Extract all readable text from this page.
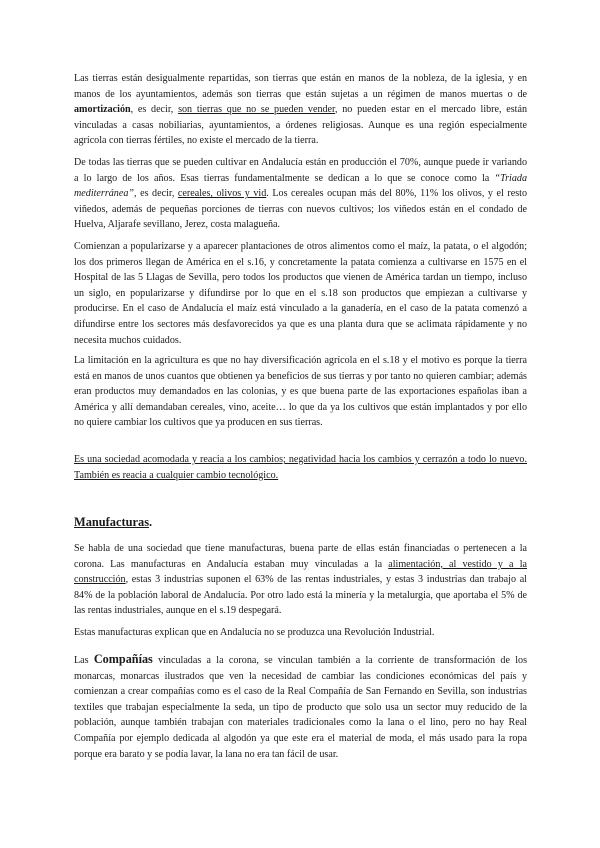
Las tierras están desigualmente repartidas, son tierras que están en manos de la nobleza, de la iglesia, y en manos de los ayuntamientos, además son tierras que están sujetas a un régimen de manos muertas o de amortización, es decir, son tierras que no se pueden vender, no pueden estar en el mercado libre, están vinculadas a casas nobiliarias, ayuntamientos, a órdenes religiosas. Aunque es una región especialmente agrícola con tierras fértiles, no existe el mercado de la tierra.

De todas las tierras que se pueden cultivar en Andalucía están en producción el 70%, aunque puede ir variando a lo largo de los años. Esas tierras fundamentalmente se dedican a lo que se conoce como la “Triada mediterránea”, es decir, cereales, olivos y vid. Los cereales ocupan más del 80%, 11% los olivos, y el resto viñedos, además de pequeñas porciones de tierras con nuevos cultivos; los viñedos están en el condado de Huelva, Aljarafe sevillano, Jerez, costa malagueña.

Comienzan a popularizarse y a aparecer plantaciones de otros alimentos como el maíz, la patata, o el algodón; los dos primeros llegan de América en el s.16, y concretamente la patata comienza a cultivarse en 1575 en el Hospital de las 5 Llagas de Sevilla, pero todos los productos que vienen de América tardan un tiempo, incluso un siglo, en popularizarse y difundirse por lo que en el s.18 son productos que empiezan a cultivarse y producirse. En el caso de Andalucía el maíz está vinculado a la ganadería, en el caso de la patata comenzó a difundirse entre los sectores más desfavorecidos ya que es una planta dura que se aclimata rápidamente y no necesita muchos cuidados.

La limitación en la agricultura es que no hay diversificación agrícola en el s.18 y el motivo es porque la tierra está en manos de unos cuantos que obtienen ya beneficios de sus tierras y por tanto no quieren cambiar; además eran productos muy demandados en las colonias, y es que buena parte de las exportaciones españolas iban a América y allí demandaban cereales, vino, aceite… lo que da ya los cultivos que están implantados y por ello no quiere cambiar los cultivos que ya producen en sus tierras.

Es una sociedad acomodada y reacia a los cambios; negatividad hacia los cambios y cerrazón a todo lo nuevo. También es reacia a cualquier cambio tecnológico.

Manufacturas.

Se habla de una sociedad que tiene manufacturas, buena parte de ellas están financiadas o pertenecen a la corona. Las manufacturas en Andalucía estaban muy vinculadas a la alimentación, al vestido y a la construcción, estas 3 industrias suponen el 63% de las rentas industriales, y estas 3 industrias dan trabajo al 84% de la población laboral de Andalucía. Por otro lado está la minería y la metalurgia, que aportaba el 5% de las rentas industriales, aunque en el s.19 despegará.

Estas manufacturas explican que en Andalucía no se produzca una Revolución Industrial.

Las Compañías vinculadas a la corona, se vinculan también a la corriente de transformación de los monarcas, monarcas ilustrados que ven la necesidad de cambiar las condiciones económicas del país y comienzan a crear compañías como es el caso de la Real Compañía de San Fernando en Sevilla, son industrias textiles que trabajan especialmente la seda, un tipo de producto que solo usa un sector muy reducido de la población, aunque también trabajan con materiales tradicionales como la lana o el lino, pero no hay Real Compañía por ejemplo dedicada al algodón ya que este era el material de moda, el más usado para la ropa porque era barato y se podía lavar, la lana no era tan fácil de usar.
